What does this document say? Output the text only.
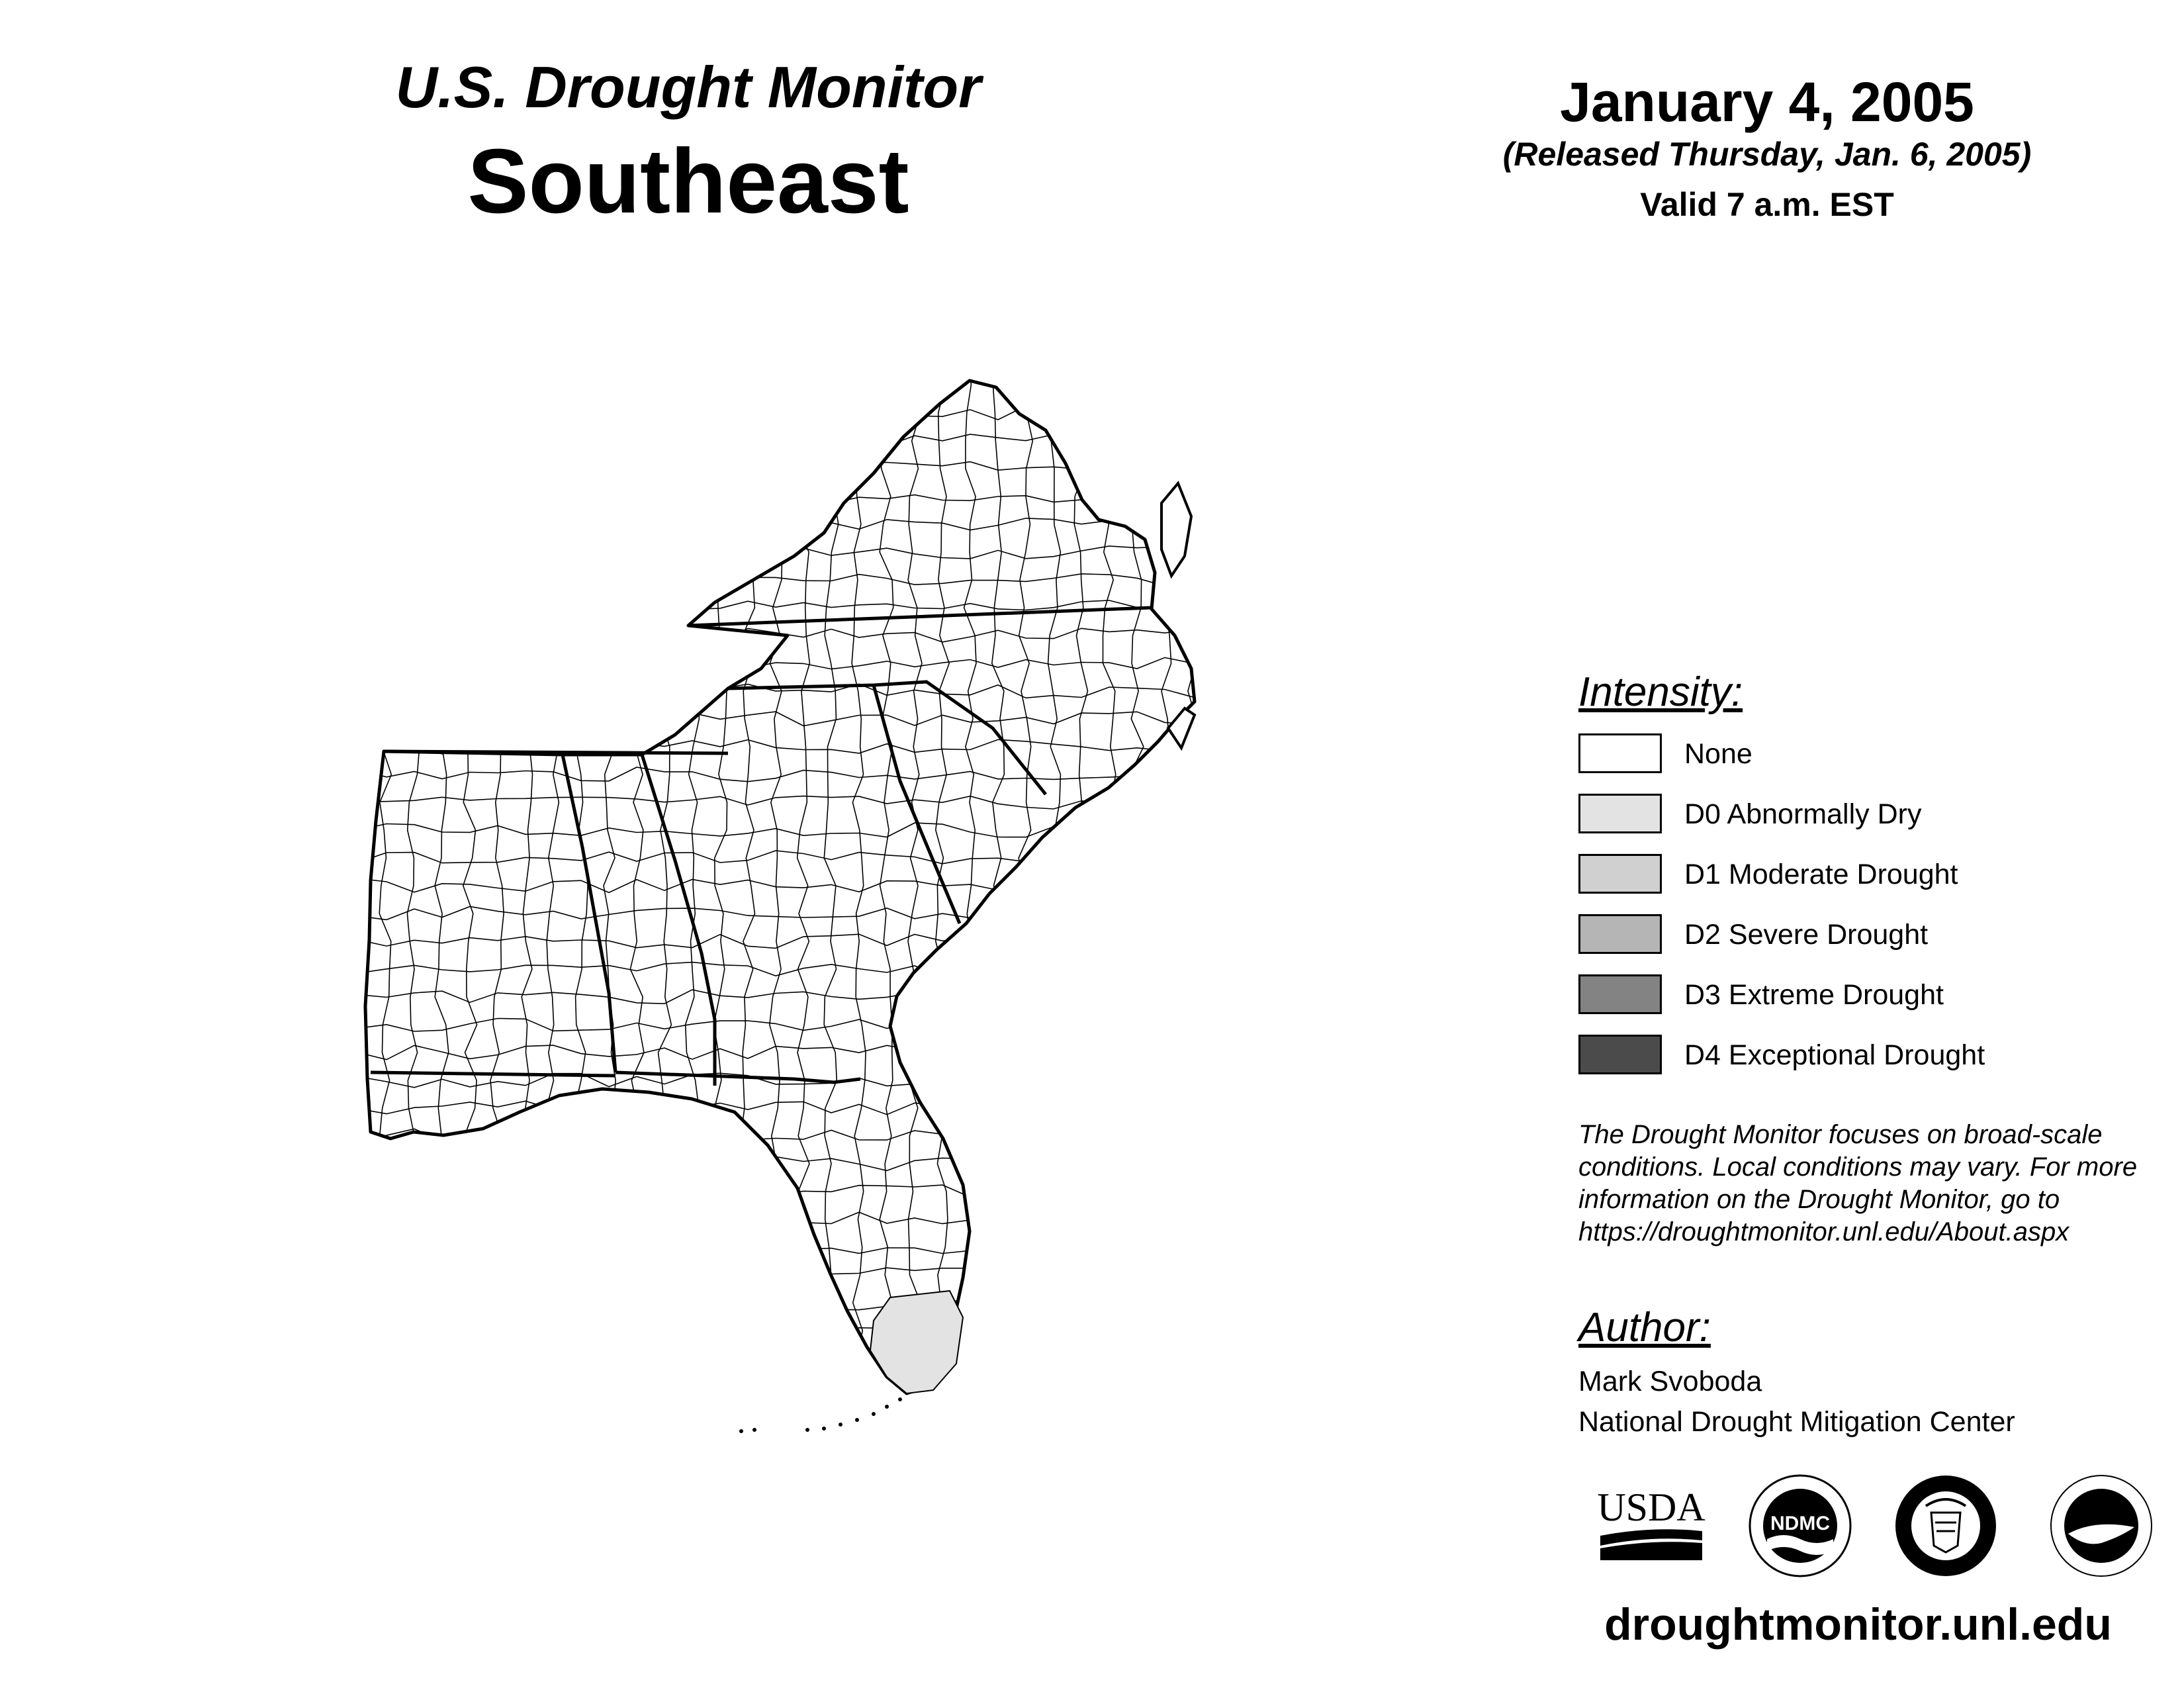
U.S. Drought Monitor
Southeast
January 4, 2005
(Released Thursday, Jan. 6, 2005)
Valid 7 a.m. EST
Intensity:
None
D0 Abnormally Dry
D1 Moderate Drought
D2 Severe Drought
D3 Extreme Drought
D4 Exceptional Drought
The Drought Monitor focuses on broad-scale conditions. Local conditions may vary. For more information on the Drought Monitor, go to https://droughtmonitor.unl.edu/About.aspx
Author:
Mark Svoboda
National Drought Mitigation Center
USDA	NDMC
droughtmonitor.unl.edu
